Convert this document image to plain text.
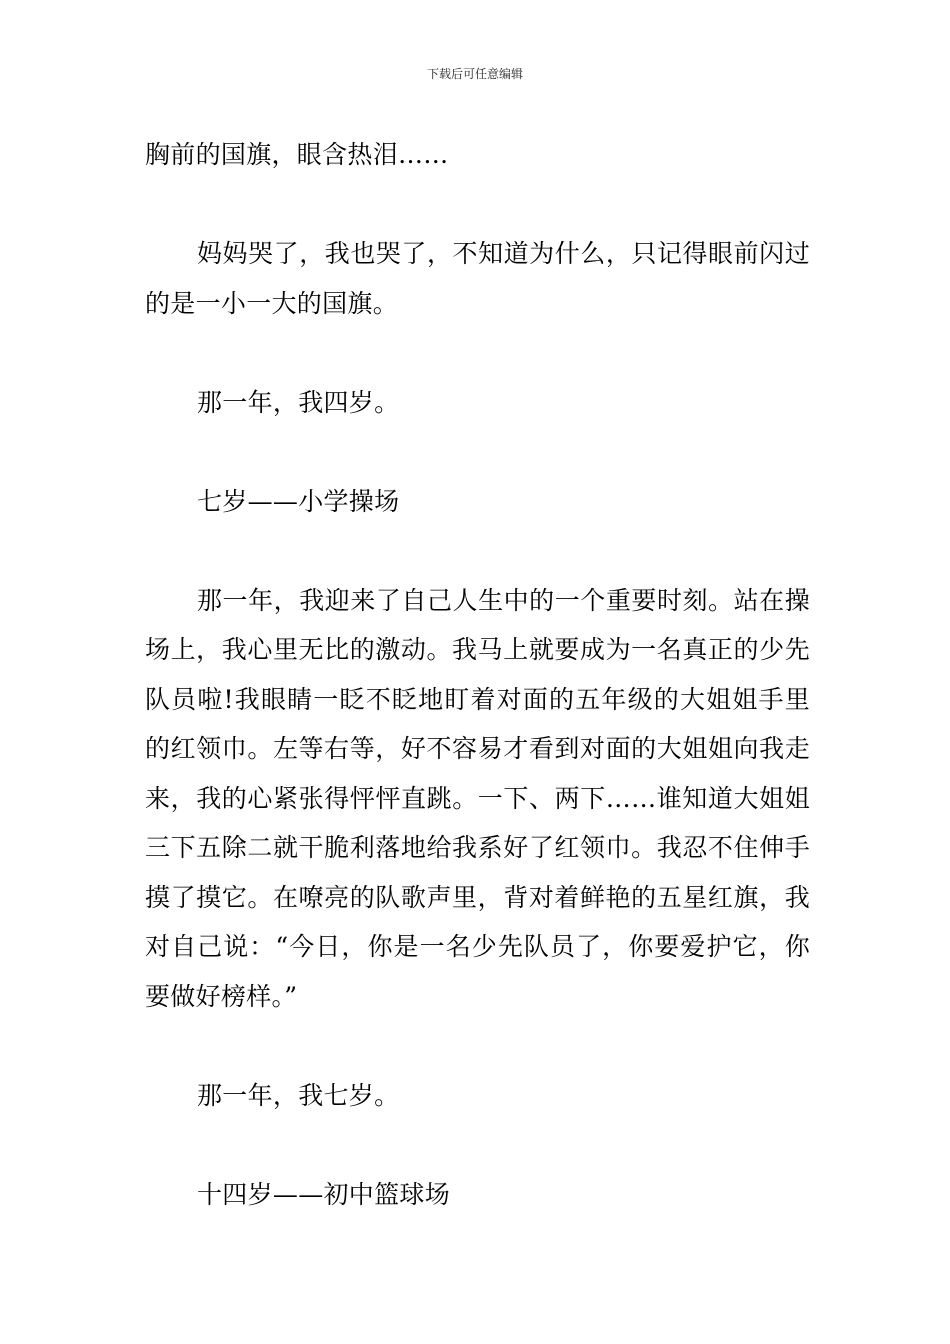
下载后可任意编辑

胸前的国旗，眼含热泪……

妈妈哭了，我也哭了，不知道为什么，只记得眼前闪过的是一小一大的国旗。

那一年，我四岁。

七岁——小学操场

那一年，我迎来了自己人生中的一个重要时刻。站在操场上，我心里无比的激动。我马上就要成为一名真正的少先队员啦!我眼睛一眨不眨地盯着对面的五年级的大姐姐手里的红领巾。左等右等，好不容易才看到对面的大姐姐向我走来，我的心紧张得怦怦直跳。一下、两下……谁知道大姐姐三下五除二就干脆利落地给我系好了红领巾。我忍不住伸手摸了摸它。在嘹亮的队歌声里，背对着鲜艳的五星红旗，我对自己说：“今日，你是一名少先队员了，你要爱护它，你要做好榜样。”

那一年，我七岁。

十四岁——初中篮球场
